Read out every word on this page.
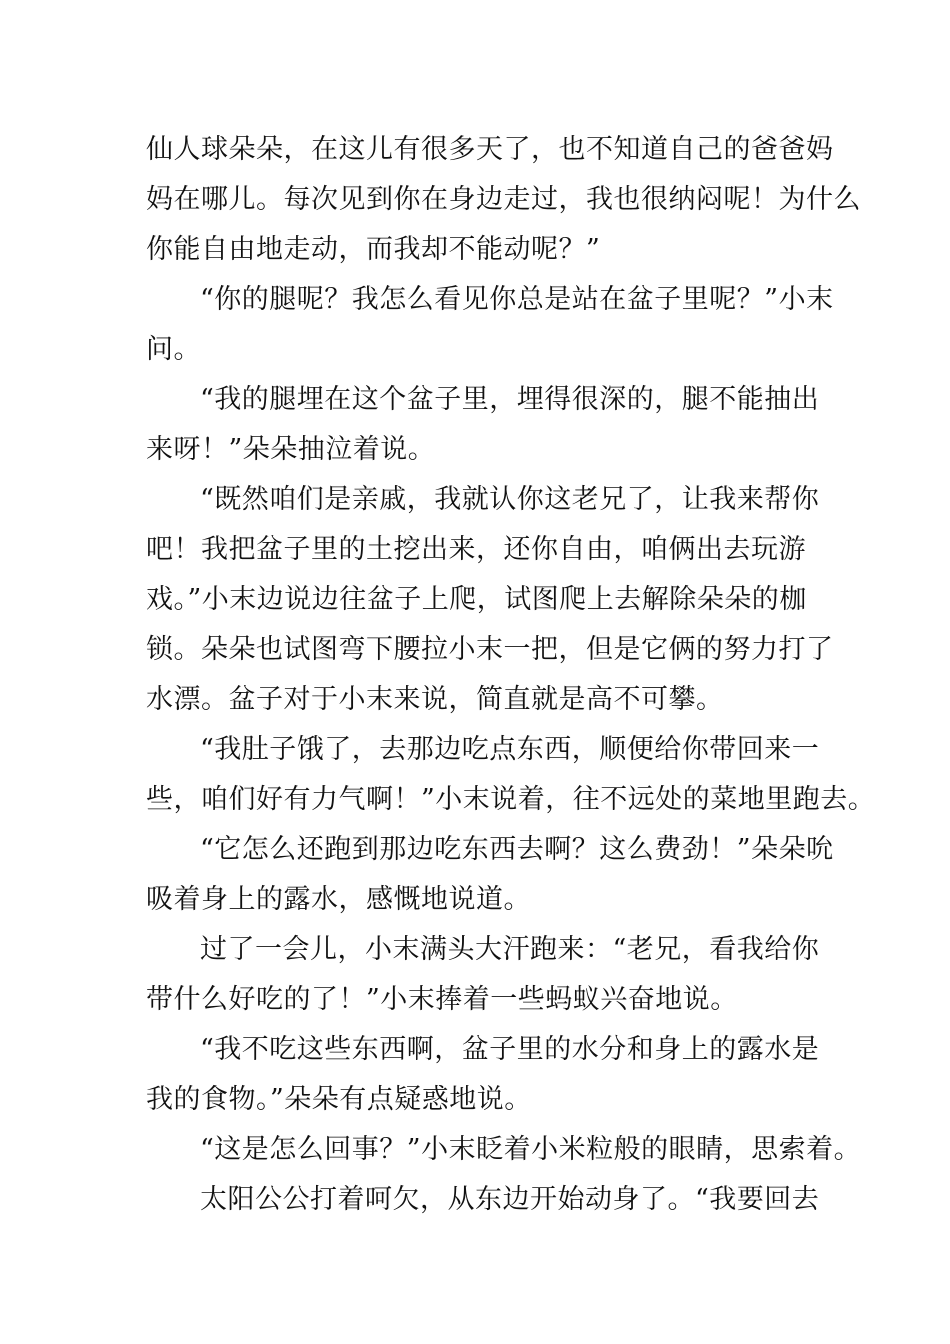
仙人球朵朵，在这儿有很多天了，也不知道自己的爸爸妈
妈在哪儿。每次见到你在身边走过，我也很纳闷呢！为什么
你能自由地走动，而我却不能动呢？”
“你的腿呢？我怎么看见你总是站在盆子里呢？”小末
问。
“我的腿埋在这个盆子里，埋得很深的，腿不能抽出
来呀！”朵朵抽泣着说。
“既然咱们是亲戚，我就认你这老兄了，让我来帮你
吧！我把盆子里的土挖出来，还你自由，咱俩出去玩游
戏。”小末边说边往盆子上爬，试图爬上去解除朵朵的枷
锁。朵朵也试图弯下腰拉小末一把，但是它俩的努力打了
水漂。盆子对于小末来说，简直就是高不可攀。
“我肚子饿了，去那边吃点东西，顺便给你带回来一
些，咱们好有力气啊！”小末说着，往不远处的菜地里跑去。
“它怎么还跑到那边吃东西去啊？这么费劲！”朵朵吮
吸着身上的露水，感慨地说道。
过了一会儿，小末满头大汗跑来：“老兄，看我给你
带什么好吃的了！”小末捧着一些蚂蚁兴奋地说。
“我不吃这些东西啊，盆子里的水分和身上的露水是
我的食物。”朵朵有点疑惑地说。
“这是怎么回事？”小末眨着小米粒般的眼睛，思索着。
太阳公公打着呵欠，从东边开始动身了。“我要回去
